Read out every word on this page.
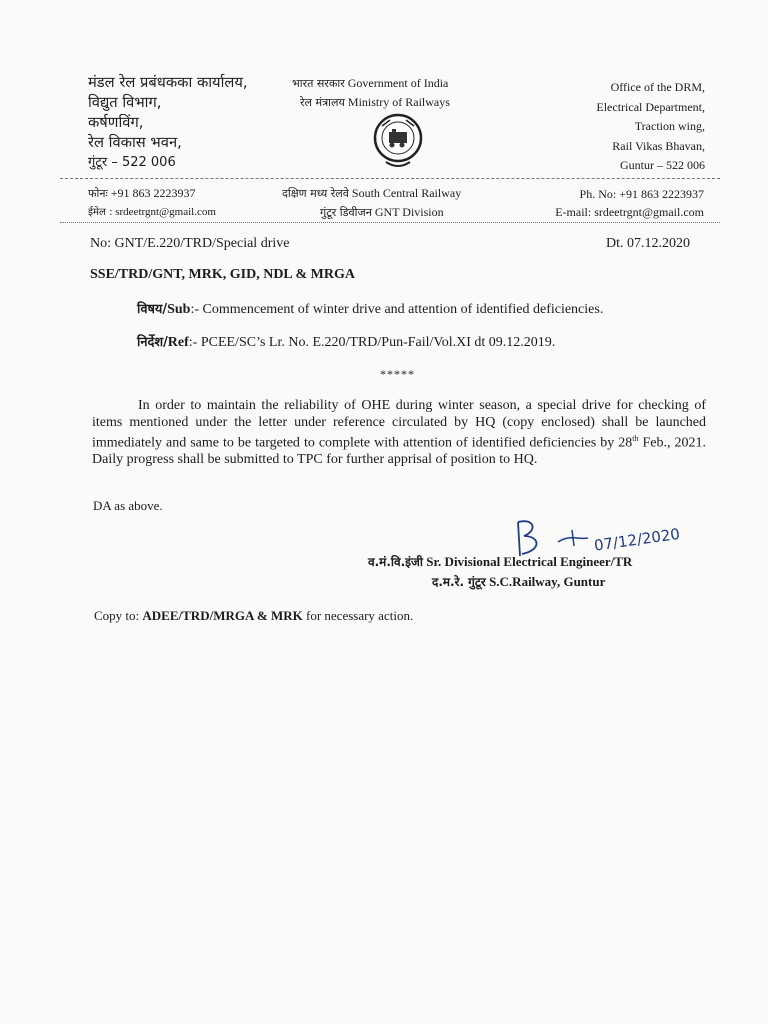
मंडल रेल प्रबंधकका कार्यालय,
विद्युत विभाग,
कर्षणविंग,
रेल विकास भवन,
गुंटूर – 522 006
भारत सरकार Government of India
रेल मंत्रालय Ministry of Railways
Office of the DRM,
Electrical Department,
Traction wing,
Rail Vikas Bhavan,
Guntur – 522 006
फोनः +91 863 2223937
ईमेल : srdeetrgnt@gmail.com
दक्षिण मध्य रेलवे South Central Railway
गुंटूर डिवीजन GNT Division
Ph. No: +91 863 2223937
E-mail: srdeetrgnt@gmail.com
No: GNT/E.220/TRD/Special drive	Dt. 07.12.2020
SSE/TRD/GNT, MRK, GID, NDL & MRGA
विषय/Sub:- Commencement of winter drive and attention of identified deficiencies.
निर्देश/Ref:- PCEE/SC’s Lr. No. E.220/TRD/Pun-Fail/Vol.XI dt 09.12.2019.
*****
In order to maintain the reliability of OHE during winter season, a special drive for checking of items mentioned under the letter under reference circulated by HQ (copy enclosed) shall be launched immediately and same to be targeted to complete with attention of identified deficiencies by 28th Feb., 2021. Daily progress shall be submitted to TPC for further apprisal of position to HQ.
DA as above.
07/12/2020
व.मं.वि.इंजी Sr. Divisional Electrical Engineer/TR
द.म.रे. गुंटूर S.C.Railway, Guntur
Copy to: ADEE/TRD/MRGA & MRK for necessary action.
